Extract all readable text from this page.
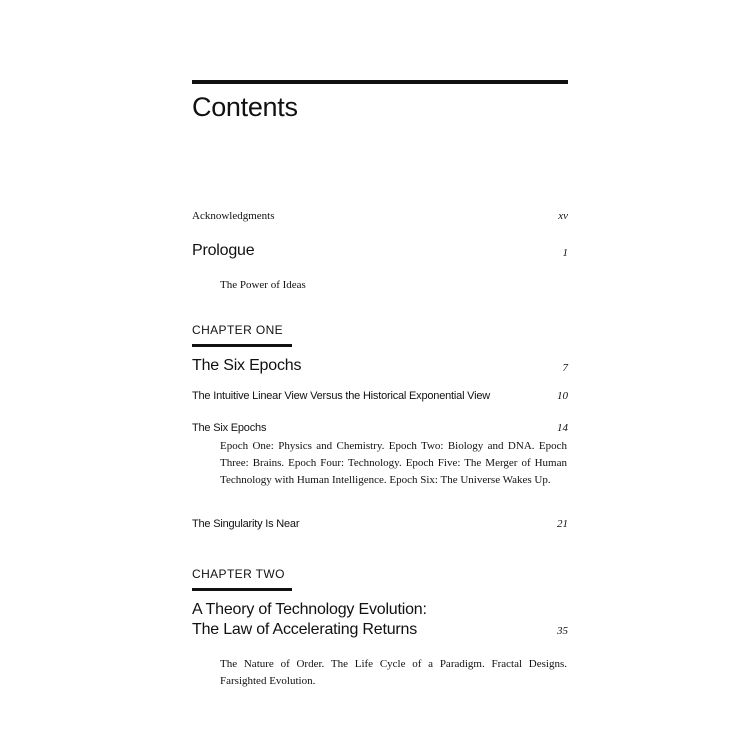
Contents
Acknowledgments	xv
Prologue	1
The Power of Ideas
CHAPTER ONE
The Six Epochs	7
The Intuitive Linear View Versus the Historical Exponential View	10
The Six Epochs	14
Epoch One: Physics and Chemistry. Epoch Two: Biology and DNA. Epoch Three: Brains. Epoch Four: Technology. Epoch Five: The Merger of Human Technology with Human Intelligence. Epoch Six: The Universe Wakes Up.
The Singularity Is Near	21
CHAPTER TWO
A Theory of Technology Evolution:
The Law of Accelerating Returns	35
The Nature of Order. The Life Cycle of a Paradigm. Fractal Designs. Farsighted Evolution.
